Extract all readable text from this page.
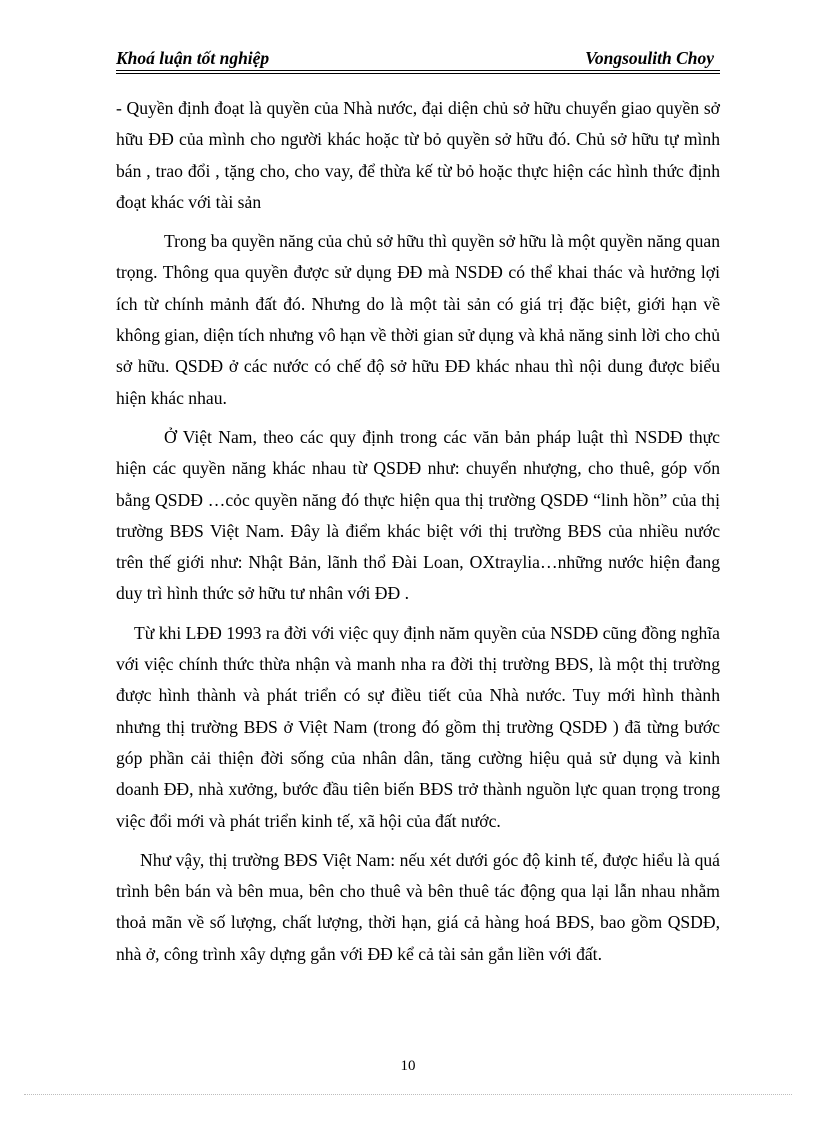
Khoá luận tốt nghiệp	Vongsoulith Choy

- Quyền định đoạt là quyền của Nhà nước, đại diện chủ sở hữu chuyển giao quyền sở hữu ĐĐ của mình cho người khác hoặc từ bỏ quyền sở hữu đó. Chủ sở hữu tự mình bán , trao đổi , tặng cho, cho vay, để thừa kế từ bỏ hoặc thực hiện các hình thức định đoạt khác với tài sản

Trong ba quyền năng của chủ sở hữu thì quyền sở hữu là một quyền năng quan trọng. Thông qua quyền được sử dụng ĐĐ mà NSDĐ có thể khai thác và hưởng lợi ích từ chính mảnh đất đó. Nhưng do là một tài sản có giá trị đặc biệt, giới hạn về không gian, diện tích nhưng vô hạn về thời gian sử dụng và khả năng sinh lời cho chủ sở hữu. QSDĐ ở các nước có chế độ sở hữu ĐĐ khác nhau thì nội dung được biểu hiện khác nhau.

Ở Việt Nam, theo các quy định trong các văn bản pháp luật thì NSDĐ thực hiện các quyền năng khác nhau từ QSDĐ như: chuyển nhượng, cho thuê, góp vốn bằng QSDĐ …cỏc quyền năng đó thực hiện qua thị trường QSDĐ “linh hồn” của thị trường BĐS Việt Nam. Đây là điểm khác biệt với thị trường BĐS của nhiều nước trên thế giới như: Nhật Bản, lãnh thổ Đài Loan, OXtraylia…những nước hiện đang duy trì hình thức sở hữu tư nhân với ĐĐ .

Từ khi LĐĐ 1993 ra đời với việc quy định năm quyền của NSDĐ cũng đồng nghĩa với việc chính thức thừa nhận và manh nha ra đời thị trường BĐS, là một thị trường được hình thành và phát triển có sự điều tiết của Nhà nước. Tuy mới hình thành nhưng thị trường BĐS ở Việt Nam (trong đó gồm thị trường QSDĐ ) đã từng bước góp phần cải thiện đời sống của nhân dân, tăng cường hiệu quả sử dụng và kinh doanh ĐĐ, nhà xưởng, bước đầu tiên biến BĐS trở thành nguồn lực quan trọng trong việc đổi mới và phát triển kinh tế, xã hội của đất nước.

Như vậy, thị trường BĐS Việt Nam: nếu xét dưới góc độ kinh tế, được hiểu là quá trình bên bán và bên mua, bên cho thuê và bên thuê tác động qua lại lẫn nhau nhằm thoả mãn về số lượng, chất lượng, thời hạn, giá cả hàng hoá BĐS, bao gồm QSDĐ, nhà ở, công trình xây dựng gắn với ĐĐ kể cả tài sản gắn liền với đất.

10
